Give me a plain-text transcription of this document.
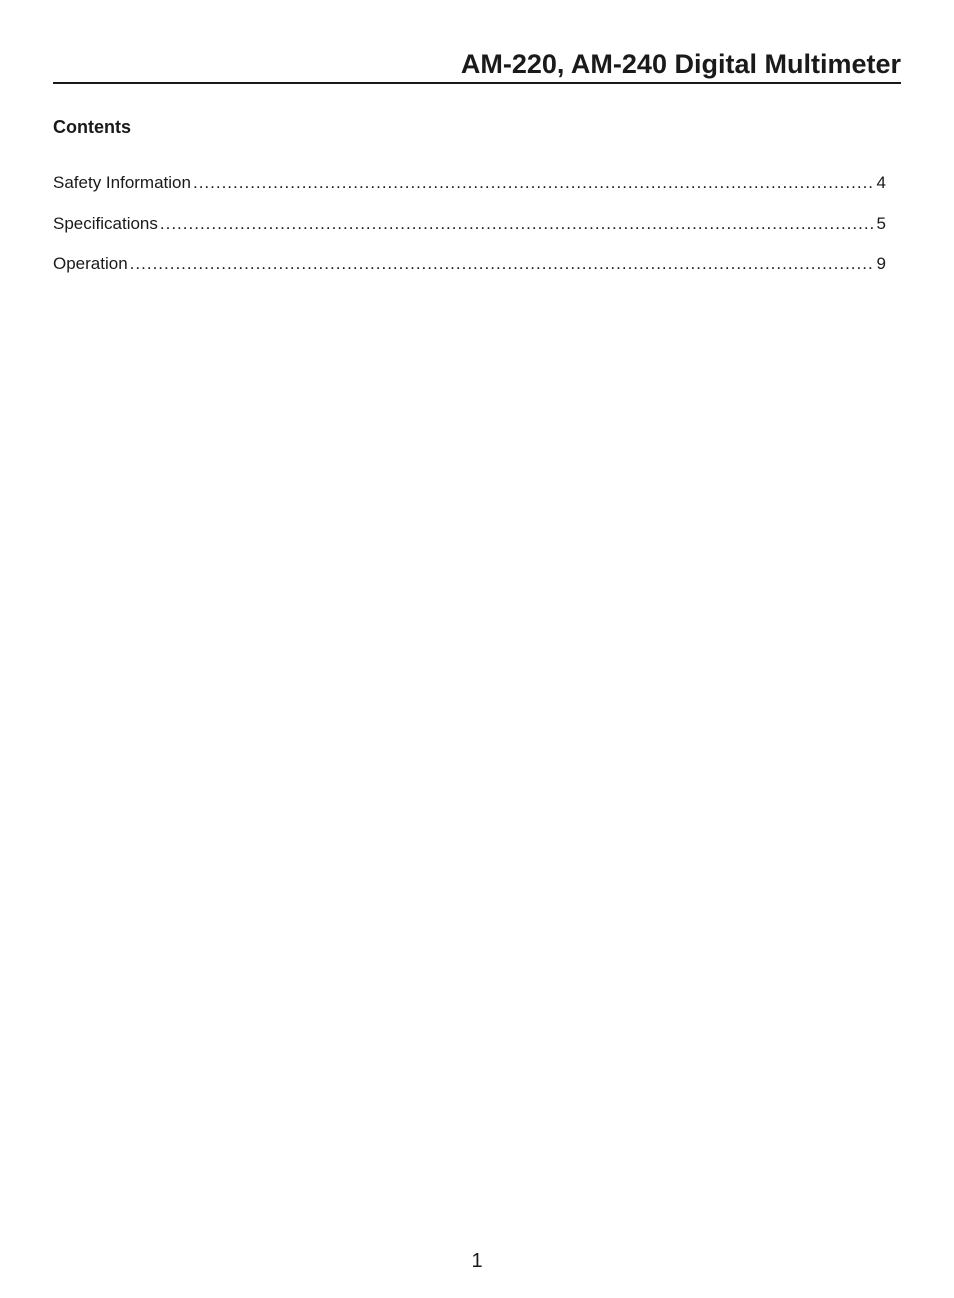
AM-220, AM-240 Digital Multimeter
Contents
Safety Information .....	4
Specifications .....	5
Operation .....	9
1
